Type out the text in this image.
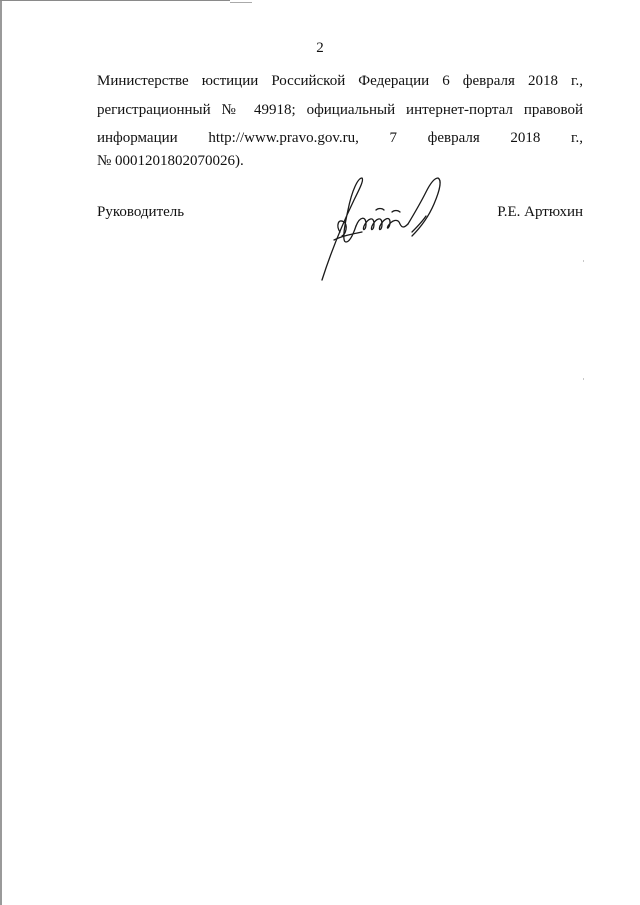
2
Министерстве юстиции Российской Федерации 6 февраля 2018 г.,
регистрационный № 49918; официальный интернет-портал правовой
информации http://www.pravo.gov.ru, 7 февраля 2018 г.,
№ 0001201802070026).
Руководитель	Р.Е. Артюхин
